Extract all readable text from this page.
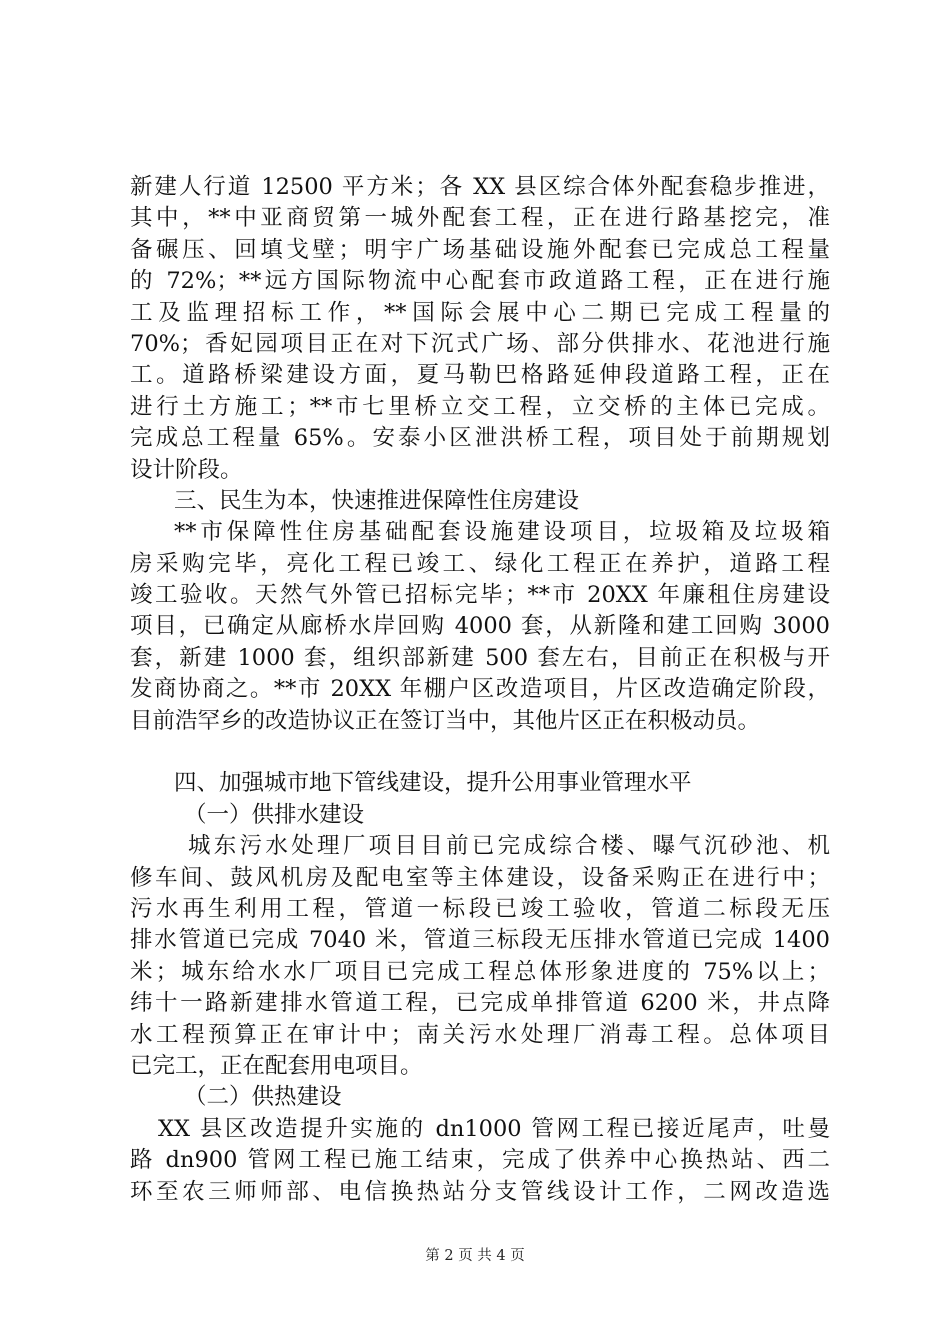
新建人行道 12500 平方米；各 XX 县区综合体外配套稳步推进，
其中，**中亚商贸第一城外配套工程，正在进行路基挖完，准
备碾压、回填戈壁；明宇广场基础设施外配套已完成总工程量
的 72%；**远方国际物流中心配套市政道路工程，正在进行施
工及监理招标工作，**国际会展中心二期已完成工程量的
70%；香妃园项目正在对下沉式广场、部分供排水、花池进行施
工。道路桥梁建设方面，夏马勒巴格路延伸段道路工程，正在
进行土方施工；**市七里桥立交工程，立交桥的主体已完成。
完成总工程量 65%。安泰小区泄洪桥工程，项目处于前期规划
设计阶段。
三、民生为本，快速推进保障性住房建设
**市保障性住房基础配套设施建设项目，垃圾箱及垃圾箱
房采购完毕，亮化工程已竣工、绿化工程正在养护，道路工程
竣工验收。天然气外管已招标完毕；**市 20XX 年廉租住房建设
项目，已确定从廊桥水岸回购 4000 套，从新隆和建工回购 3000
套，新建 1000 套，组织部新建 500 套左右，目前正在积极与开
发商协商之。**市 20XX 年棚户区改造项目，片区改造确定阶段，
目前浩罕乡的改造协议正在签订当中，其他片区正在积极动员。
四、加强城市地下管线建设，提升公用事业管理水平
（一）供排水建设
城东污水处理厂项目目前已完成综合楼、曝气沉砂池、机
修车间、鼓风机房及配电室等主体建设，设备采购正在进行中；
污水再生利用工程，管道一标段已竣工验收，管道二标段无压
排水管道已完成 7040 米，管道三标段无压排水管道已完成 1400
米；城东给水水厂项目已完成工程总体形象进度的 75%以上；
纬十一路新建排水管道工程，已完成单排管道 6200 米，井点降
水工程预算正在审计中；南关污水处理厂消毒工程。总体项目
已完工，正在配套用电项目。
（二）供热建设
XX 县区改造提升实施的 dn1000 管网工程已接近尾声，吐曼
路 dn900 管网工程已施工结束，完成了供养中心换热站、西二
环至农三师师部、电信换热站分支管线设计工作，二网改造选
第 2 页 共 4 页
